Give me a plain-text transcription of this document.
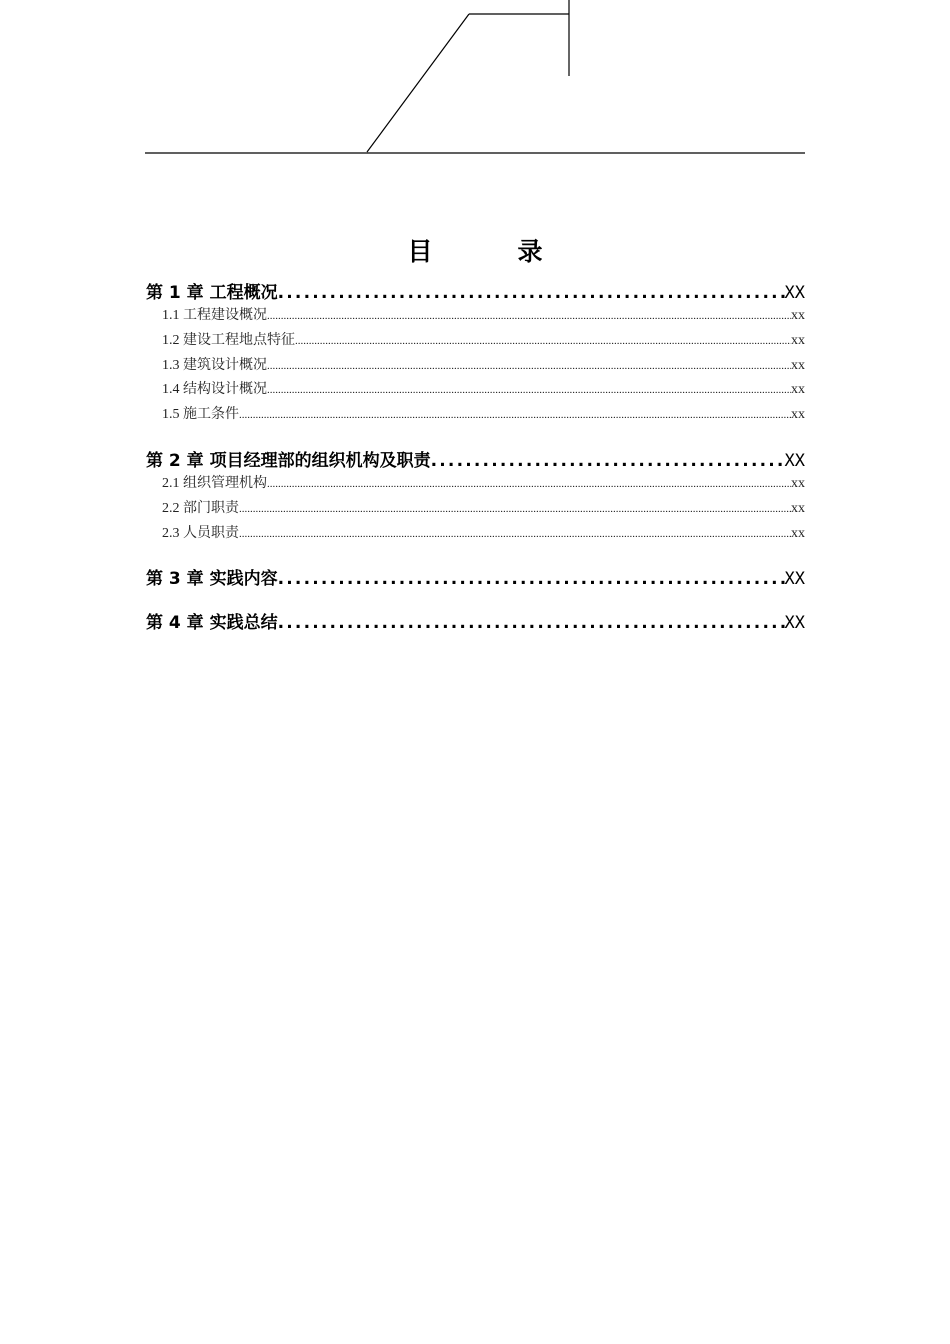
目　录
第 1 章 工程概况 .....	XX
1.1 工程建设概况 .....	xx
1.2 建设工程地点特征 .....	xx
1.3 建筑设计概况 .....	xx
1.4 结构设计概况 .....	xx
1.5 施工条件 .....	xx
第 2 章 项目经理部的组织机构及职责 .....	XX
2.1 组织管理机构 .....	xx
2.2 部门职责 .....	xx
2.3 人员职责 .....	xx
第 3 章 实践内容 .....	XX
第 4 章 实践总结 .....	XX
